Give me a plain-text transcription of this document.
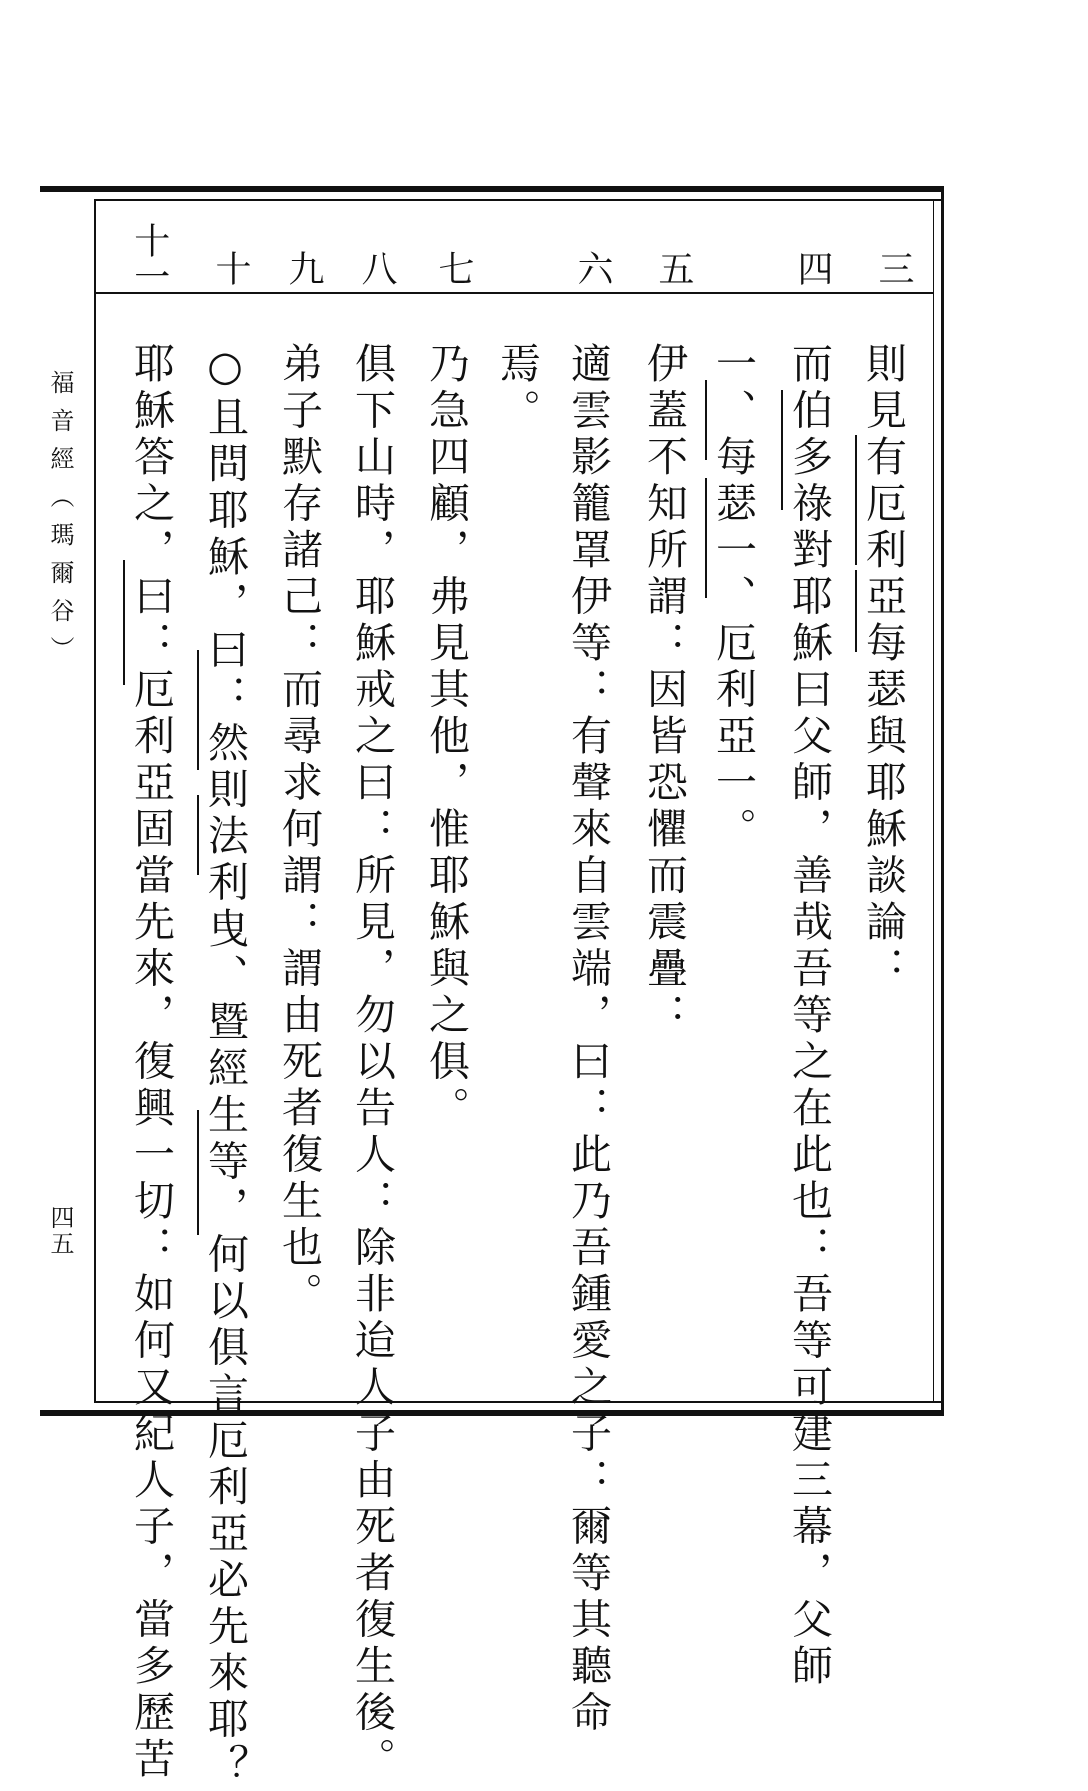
三
四
五
六
七
八
九
十
十一
則見有厄利亞每瑟與耶穌談論：
而伯多祿對耶穌曰父師，善哉吾等之在此也：吾等可建三幕，父師
一、每瑟一、厄利亞一。
伊蓋不知所謂：因皆恐懼而震疊：
適雲影籠罩伊等：有聲來自雲端，曰：此乃吾鍾愛之子：爾等其聽命
焉。
乃急四顧，弗見其他，惟耶穌與之俱。
俱下山時，耶穌戒之曰：所見，勿以告人：除非迨人子由死者復生後。
弟子默存諸己：而尋求何謂：謂由死者復生也。
○且問耶穌，曰：然則法利曳、暨經生等，何以俱言厄利亞必先來耶？
耶穌答之，曰：厄利亞固當先來，復興一切：如何又紀人子，當多歷苦
福音經（瑪爾谷）
四五
